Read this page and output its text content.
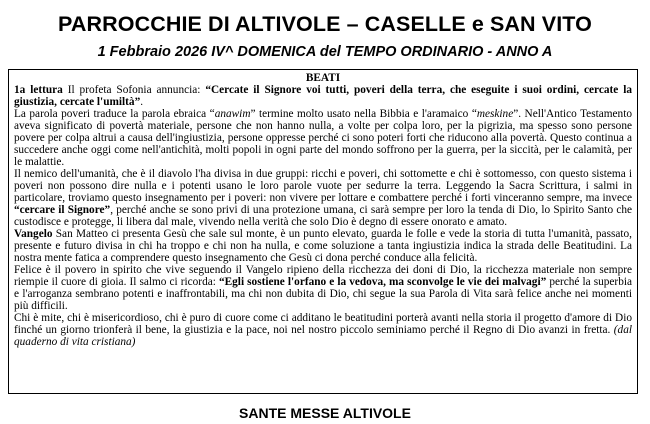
PARROCCHIE DI ALTIVOLE – CASELLE e SAN VITO
1 Febbraio 2026 IV^ DOMENICA del TEMPO ORDINARIO - ANNO A
BEATI

1a lettura Il profeta Sofonia annuncia: “Cercate il Signore voi tutti, poveri della terra, che eseguite i suoi ordini, cercate la giustizia, cercate l'umiltà”.

La parola poveri traduce la parola ebraica “anawim” termine molto usato nella Bibbia e l'aramaico “meskine”. Nell'Antico Testamento aveva significato di povertà materiale, persone che non hanno nulla, a volte per colpa loro, per la pigrizia, ma spesso sono persone povere per colpa altrui a causa dell'ingiustizia, persone oppresse perché ci sono poteri forti che riducono alla povertà. Questo continua a succedere anche oggi come nell'antichità, molti popoli in ogni parte del mondo soffrono per la guerra, per la siccità, per le calamità, per le malattie.

Il nemico dell'umanità, che è il diavolo l'ha divisa in due gruppi: ricchi e poveri, chi sottomette e chi è sottomesso, con questo sistema i poveri non possono dire nulla e i potenti usano le loro parole vuote per sedurre la terra. Leggendo la Sacra Scrittura, i salmi in particolare, troviamo questo insegnamento per i poveri: non vivere per lottare e combattere perché i forti vinceranno sempre, ma invece “cercare il Signore”, perché anche se sono privi di una protezione umana, ci sarà sempre per loro la tenda di Dio, lo Spirito Santo che custodisce e protegge, li libera dal male, vivendo nella verità che solo Dio è degno di essere onorato e amato.

Vangelo San Matteo ci presenta Gesù che sale sul monte, è un punto elevato, guarda le folle e vede la storia di tutta l'umanità, passato, presente e futuro divisa in chi ha troppo e chi non ha nulla, e come soluzione a tanta ingiustizia indica la strada delle Beatitudini. La nostra mente fatica a comprendere questo insegnamento che Gesù ci dona perché conduce alla felicità.

Felice è il povero in spirito che vive seguendo il Vangelo ripieno della ricchezza dei doni di Dio, la ricchezza materiale non sempre riempie il cuore di gioia. Il salmo ci ricorda: “Egli sostiene l'orfano e la vedova, ma sconvolge le vie dei malvagi” perché la superbia e l'arroganza sembrano potenti e inaffrontabili, ma chi non dubita di Dio, chi segue la sua Parola di Vita sarà felice anche nei momenti più difficili.

Chi è mite, chi è misericordioso, chi è puro di cuore come ci additano le beatitudini porterà avanti nella storia il progetto d'amore di Dio finché un giorno trionferà il bene, la giustizia e la pace, noi nel nostro piccolo seminiamo perché il Regno di Dio avanzi in fretta. (dal quaderno di vita cristiana)

SANTE MESSE ALTIVOLE
